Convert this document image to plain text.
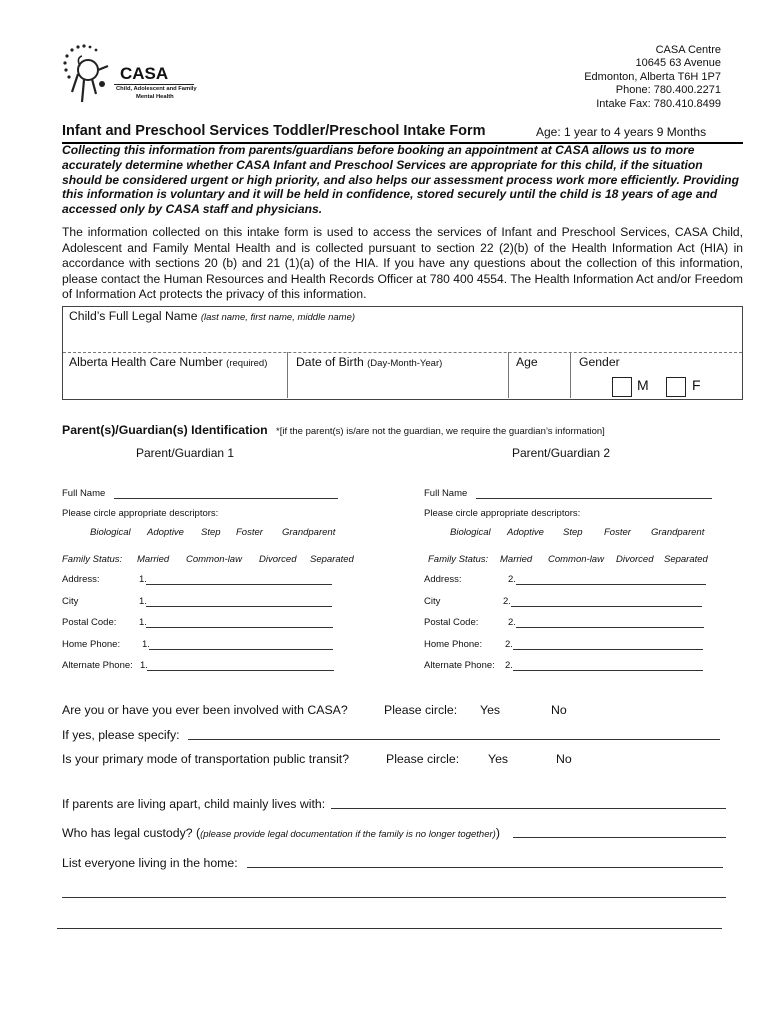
CASA
Child, Adolescent and Family
Mental Health
CASA Centre
10645 63 Avenue
Edmonton, Alberta T6H 1P7
Phone: 780.400.2271
Intake Fax: 780.410.8499
Infant and Preschool Services Toddler/Preschool Intake Form	Age: 1 year to 4 years 9 Months
Collecting this information from parents/guardians before booking an appointment at CASA allows us to more accurately determine whether CASA Infant and Preschool Services are appropriate for this child, if the situation should be considered urgent or high priority, and also helps our assessment process work more efficiently. Providing this information is voluntary and it will be held in confidence, stored securely until the child is 18 years of age and accessed only by CASA staff and physicians.
The information collected on this intake form is used to access the services of Infant and Preschool Services, CASA Child, Adolescent and Family Mental Health and is collected pursuant to section 22 (2)(b) of the Health Information Act (HIA) in accordance with sections 20 (b) and 21 (1)(a) of the HIA. If you have any questions about the collection of this information, please contact the Human Resources and Health Records Officer at 780 400 4554. The Health Information Act and/or Freedom of Information Act protects the privacy of this information.
Child’s Full Legal Name (last name, first name, middle name)
Alberta Health Care Number (required) Date of Birth (Day-Month-Year)	Age	Gender
M	F
Parent(s)/Guardian(s) Identification *[if the parent(s) is/are not the guardian, we require the guardian’s information]
Parent/Guardian 1	Parent/Guardian 2
Full Name
Please circle appropriate descriptors:
Biological Adoptive Step Foster Grandparent
Family Status: Married Common-law Divorced Separated
Address:	1.
City	1.
Postal Code: 1.
Home Phone: 1.
Alternate Phone: 1.
Full Name
Please circle appropriate descriptors:
Biological Adoptive Step Foster Grandparent
Family Status: Married Common-law Divorced Separated
Address:	2.
City	2.
Postal Code:	2.
Home Phone: 2.
Alternate Phone: 2.
Are you or have you ever been involved with CASA?	Please circle: Yes	No
If yes, please specify:
Is your primary mode of transportation public transit?	Please circle: Yes	No
If parents are living apart, child mainly lives with:
Who has legal custody? ((please provide legal documentation if the family is no longer together))
List everyone living in the home:
